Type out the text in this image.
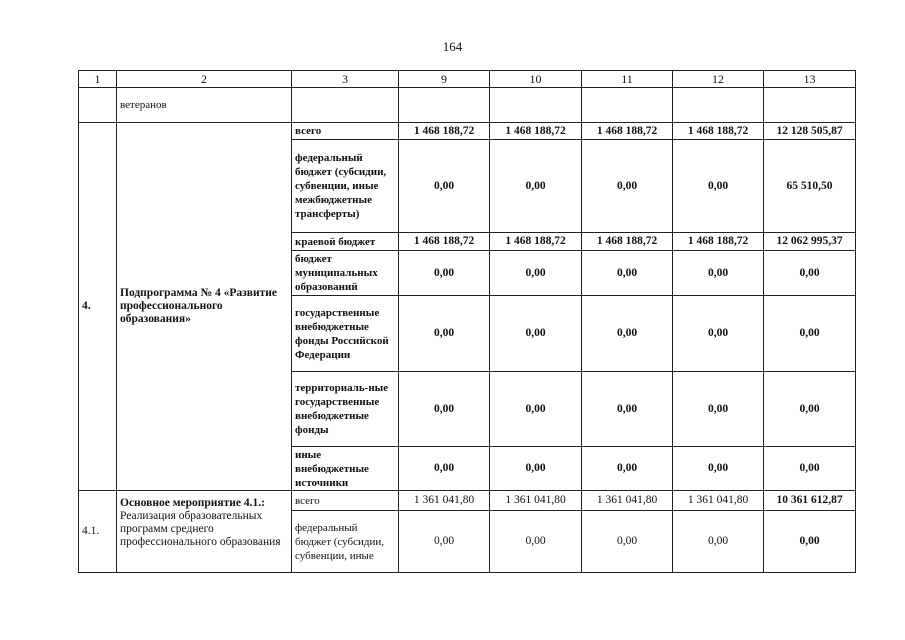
164
1	2	3	9	10	11	12	13
	ветеранов						
4.	Подпрограмма № 4 «Развитие профессионального образования»	всего	1 468 188,72	1 468 188,72	1 468 188,72	1 468 188,72	12 128 505,87
		федеральный бюджет (субсидии, субвенции, иные межбюджетные трансферты)	0,00	0,00	0,00	0,00	65 510,50
		краевой бюджет	1 468 188,72	1 468 188,72	1 468 188,72	1 468 188,72	12 062 995,37
		бюджет муниципальных образований	0,00	0,00	0,00	0,00	0,00
		государственные внебюджетные фонды Российской Федерации	0,00	0,00	0,00	0,00	0,00
		территориаль-ные государственные внебюджетные фонды	0,00	0,00	0,00	0,00	0,00
		иные внебюджетные источники	0,00	0,00	0,00	0,00	0,00
4.1.	Основное мероприятие 4.1.:
Реализация образовательных программ среднего профессионального образования	всего	1 361 041,80	1 361 041,80	1 361 041,80	1 361 041,80	10 361 612,87
		федеральный бюджет (субсидии, субвенции, иные	0,00	0,00	0,00	0,00	0,00
